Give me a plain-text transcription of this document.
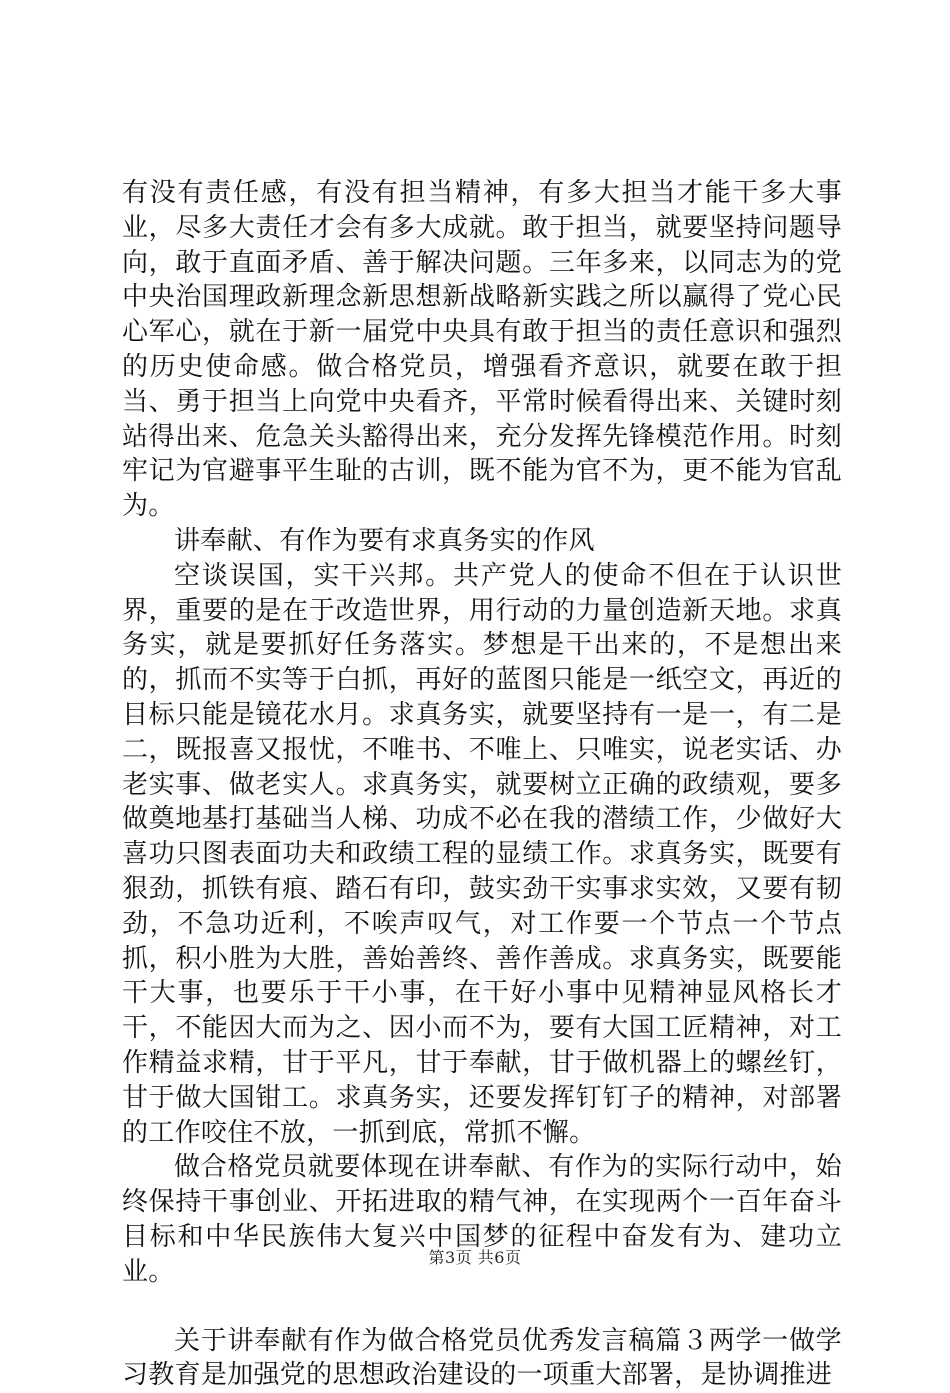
有没有责任感，有没有担当精神，有多大担当才能干多大事业，尽多大责任才会有多大成就。敢于担当，就要坚持问题导向，敢于直面矛盾、善于解决问题。三年多来，以同志为的党中央治国理政新理念新思想新战略新实践之所以赢得了党心民心军心，就在于新一届党中央具有敢于担当的责任意识和强烈的历史使命感。做合格党员，增强看齐意识，就要在敢于担当、勇于担当上向党中央看齐，平常时候看得出来、关键时刻站得出来、危急关头豁得出来，充分发挥先锋模范作用。时刻牢记为官避事平生耻的古训，既不能为官不为，更不能为官乱为。

讲奉献、有作为要有求真务实的作风

空谈误国，实干兴邦。共产党人的使命不但在于认识世界，重要的是在于改造世界，用行动的力量创造新天地。求真务实，就是要抓好任务落实。梦想是干出来的，不是想出来的，抓而不实等于白抓，再好的蓝图只能是一纸空文，再近的目标只能是镜花水月。求真务实，就要坚持有一是一，有二是二，既报喜又报忧，不唯书、不唯上、只唯实，说老实话、办老实事、做老实人。求真务实，就要树立正确的政绩观，要多做奠地基打基础当人梯、功成不必在我的潜绩工作，少做好大喜功只图表面功夫和政绩工程的显绩工作。求真务实，既要有狠劲，抓铁有痕、踏石有印，鼓实劲干实事求实效，又要有韧劲，不急功近利，不唉声叹气，对工作要一个节点一个节点抓，积小胜为大胜，善始善终、善作善成。求真务实，既要能干大事，也要乐于干小事，在干好小事中见精神显风格长才干，不能因大而为之、因小而不为，要有大国工匠精神，对工作精益求精，甘于平凡，甘于奉献，甘于做机器上的螺丝钉，甘于做大国钳工。求真务实，还要发挥钉钉子的精神，对部署的工作咬住不放，一抓到底，常抓不懈。

做合格党员就要体现在讲奉献、有作为的实际行动中，始终保持干事创业、开拓进取的精气神，在实现两个一百年奋斗目标和中华民族伟大复兴中国梦的征程中奋发有为、建功立业。

关于讲奉献有作为做合格党员优秀发言稿篇３两学一做学习教育是加强党的思想政治建设的一项重大部署，是协调推进

第3页 共6页
